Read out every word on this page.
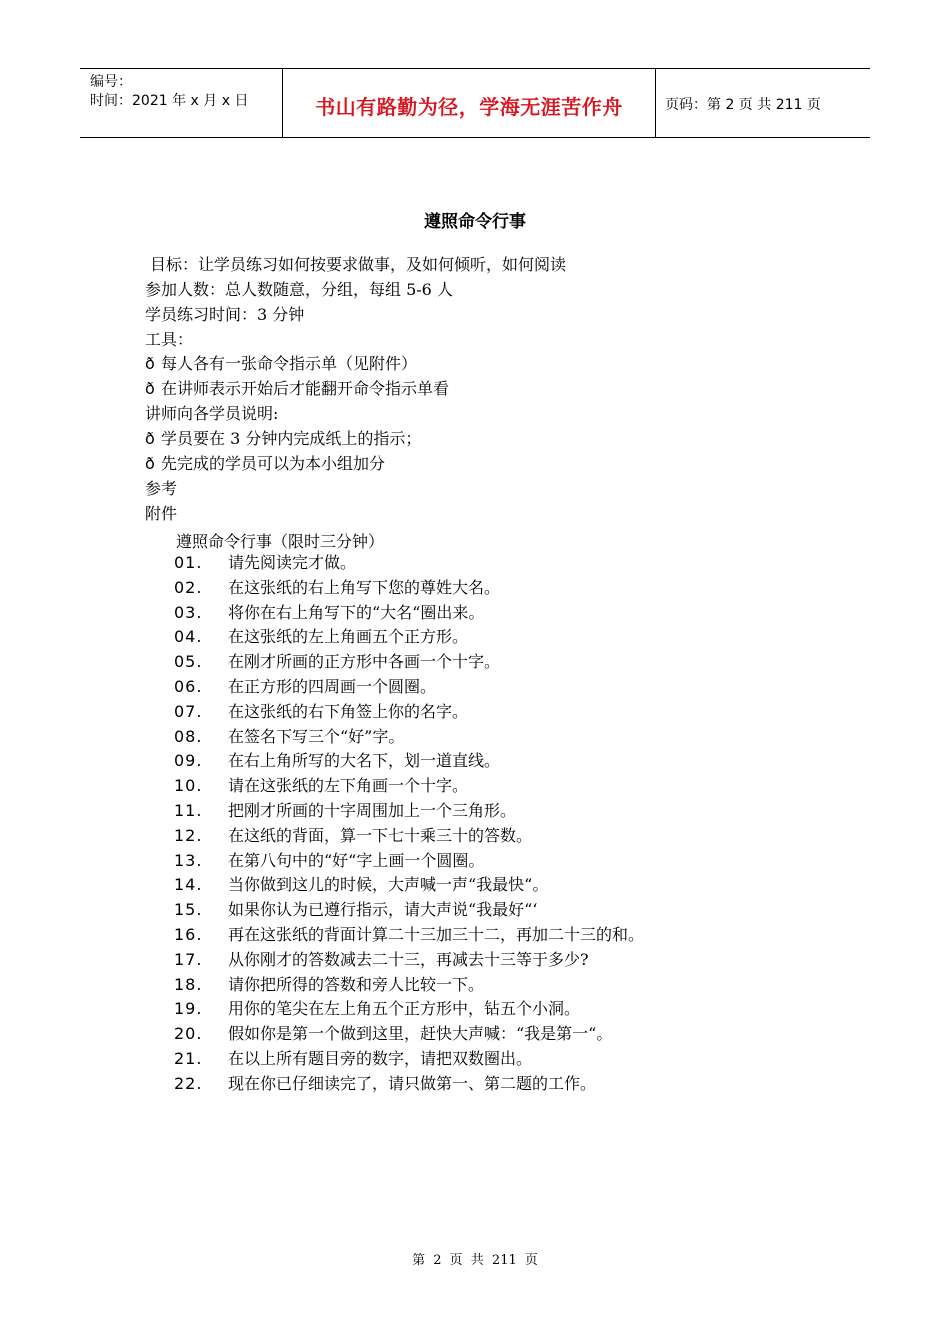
编号：
时间：2021 年 x 月 x 日	书山有路勤为径，学海无涯苦作舟	页码：第 2 页 共 211 页
遵照命令行事
目标：让学员练习如何按要求做事，及如何倾听，如何阅读
参加人数：总人数随意，分组，每组 5-6 人
学员练习时间：3 分钟
工具：
ð 每人各有一张命令指示单（见附件）
ð 在讲师表示开始后才能翻开命令指示单看
讲师向各学员说明:
ð 学员要在 3 分钟内完成纸上的指示；
ð 先完成的学员可以为本小组加分
参考
附件
遵照命令行事（限时三分钟）
01.	请先阅读完才做。
02.	在这张纸的右上角写下您的尊姓大名。
03.	将你在右上角写下的“大名“圈出来。
04.	在这张纸的左上角画五个正方形。
05.	在刚才所画的正方形中各画一个十字。
06.	在正方形的四周画一个圆圈。
07.	在这张纸的右下角签上你的名字。
08.	在签名下写三个“好”字。
09.	在右上角所写的大名下，划一道直线。
10.	请在这张纸的左下角画一个十字。
11.	把刚才所画的十字周围加上一个三角形。
12.	在这纸的背面，算一下七十乘三十的答数。
13.	在第八句中的“好“字上画一个圆圈。
14.	当你做到这儿的时候，大声喊一声“我最快“。
15.	如果你认为已遵行指示，请大声说“我最好“‘
16.	再在这张纸的背面计算二十三加三十二，再加二十三的和。
17.	从你刚才的答数减去二十三，再减去十三等于多少?
18.	请你把所得的答数和旁人比较一下。
19.	用你的笔尖在左上角五个正方形中，钻五个小洞。
20.	假如你是第一个做到这里，赶快大声喊：“我是第一“。
21.	在以上所有题目旁的数字，请把双数圈出。
22.	现在你已仔细读完了，请只做第一、第二题的工作。
第 2 页 共 211 页
